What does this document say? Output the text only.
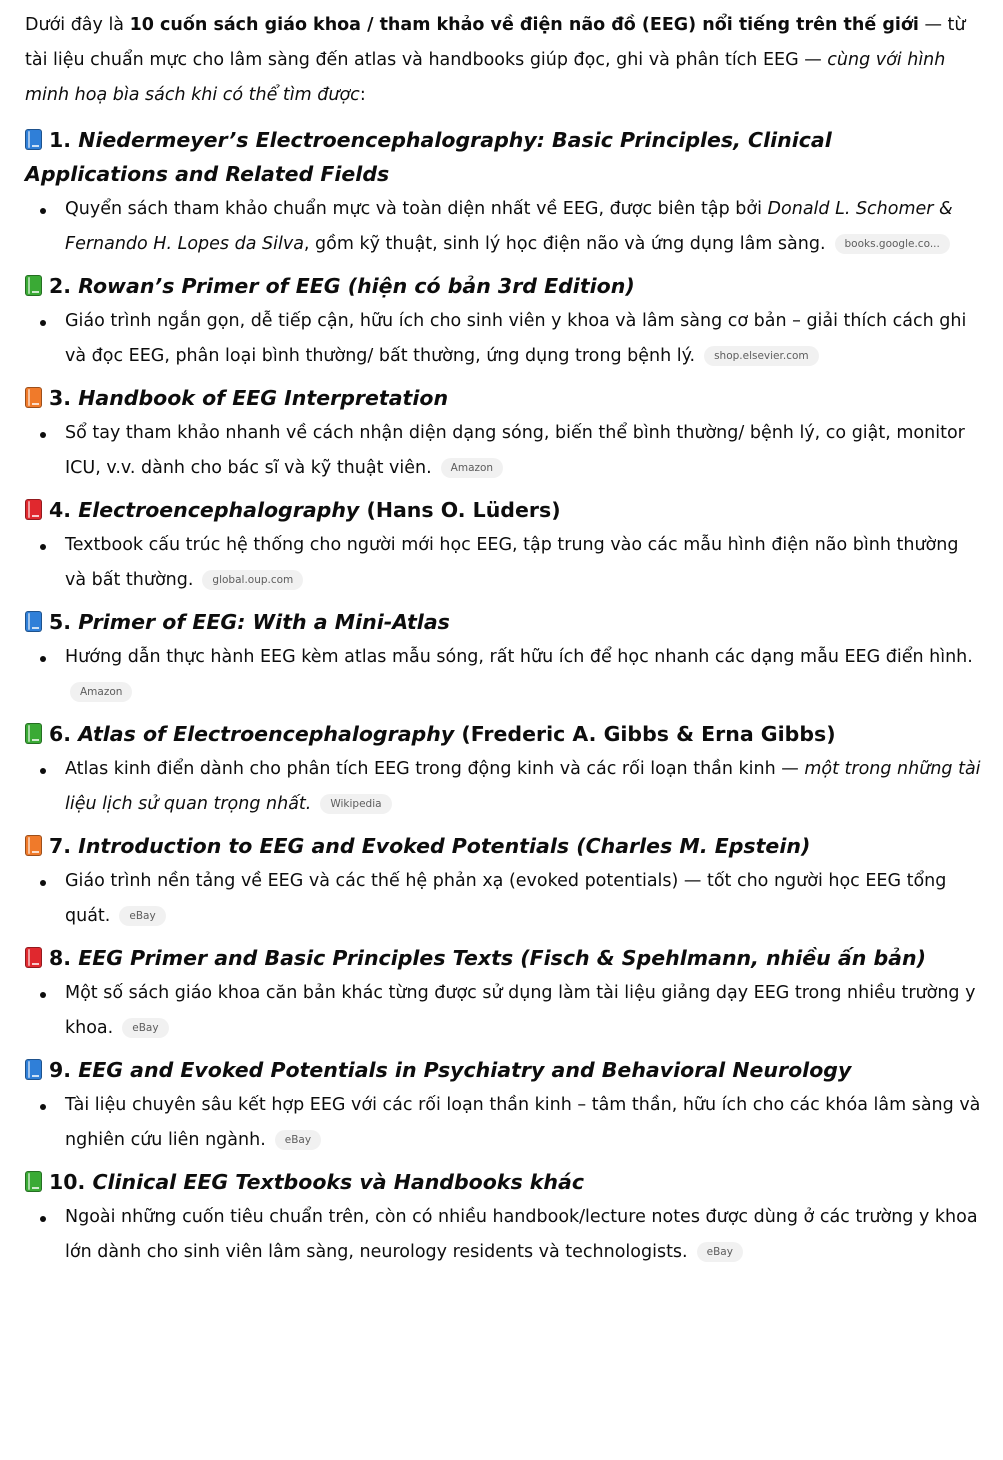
Dưới đây là 10 cuốn sách giáo khoa / tham khảo về điện não đồ (EEG) nổi tiếng trên thế giới — từ tài liệu chuẩn mực cho lâm sàng đến atlas và handbooks giúp đọc, ghi và phân tích EEG — cùng với hình minh hoạ bìa sách khi có thể tìm được:

1. Niedermeyer’s Electroencephalography: Basic Principles, Clinical Applications and Related Fields
Quyển sách tham khảo chuẩn mực và toàn diện nhất về EEG, được biên tập bởi Donald L. Schomer & Fernando H. Lopes da Silva, gồm kỹ thuật, sinh lý học điện não và ứng dụng lâm sàng. books.google.co...
2. Rowan’s Primer of EEG (hiện có bản 3rd Edition)
Giáo trình ngắn gọn, dễ tiếp cận, hữu ích cho sinh viên y khoa và lâm sàng cơ bản – giải thích cách ghi và đọc EEG, phân loại bình thường/ bất thường, ứng dụng trong bệnh lý. shop.elsevier.com
3. Handbook of EEG Interpretation
Sổ tay tham khảo nhanh về cách nhận diện dạng sóng, biến thể bình thường/ bệnh lý, co giật, monitor ICU, v.v. dành cho bác sĩ và kỹ thuật viên. Amazon
4. Electroencephalography (Hans O. Lüders)
Textbook cấu trúc hệ thống cho người mới học EEG, tập trung vào các mẫu hình điện não bình thường và bất thường. global.oup.com
5. Primer of EEG: With a Mini-Atlas
Hướng dẫn thực hành EEG kèm atlas mẫu sóng, rất hữu ích để học nhanh các dạng mẫu EEG điển hình.
Amazon
6. Atlas of Electroencephalography (Frederic A. Gibbs & Erna Gibbs)
Atlas kinh điển dành cho phân tích EEG trong động kinh và các rối loạn thần kinh — một trong những tài liệu lịch sử quan trọng nhất. Wikipedia
7. Introduction to EEG and Evoked Potentials (Charles M. Epstein)
Giáo trình nền tảng về EEG và các thế hệ phản xạ (evoked potentials) — tốt cho người học EEG tổng quát. eBay
8. EEG Primer and Basic Principles Texts (Fisch & Spehlmann, nhiều ấn bản)
Một số sách giáo khoa căn bản khác từng được sử dụng làm tài liệu giảng dạy EEG trong nhiều trường y khoa. eBay
9. EEG and Evoked Potentials in Psychiatry and Behavioral Neurology
Tài liệu chuyên sâu kết hợp EEG với các rối loạn thần kinh – tâm thần, hữu ích cho các khóa lâm sàng và nghiên cứu liên ngành. eBay
10. Clinical EEG Textbooks và Handbooks khác
Ngoài những cuốn tiêu chuẩn trên, còn có nhiều handbook/lecture notes được dùng ở các trường y khoa lớn dành cho sinh viên lâm sàng, neurology residents và technologists. eBay
